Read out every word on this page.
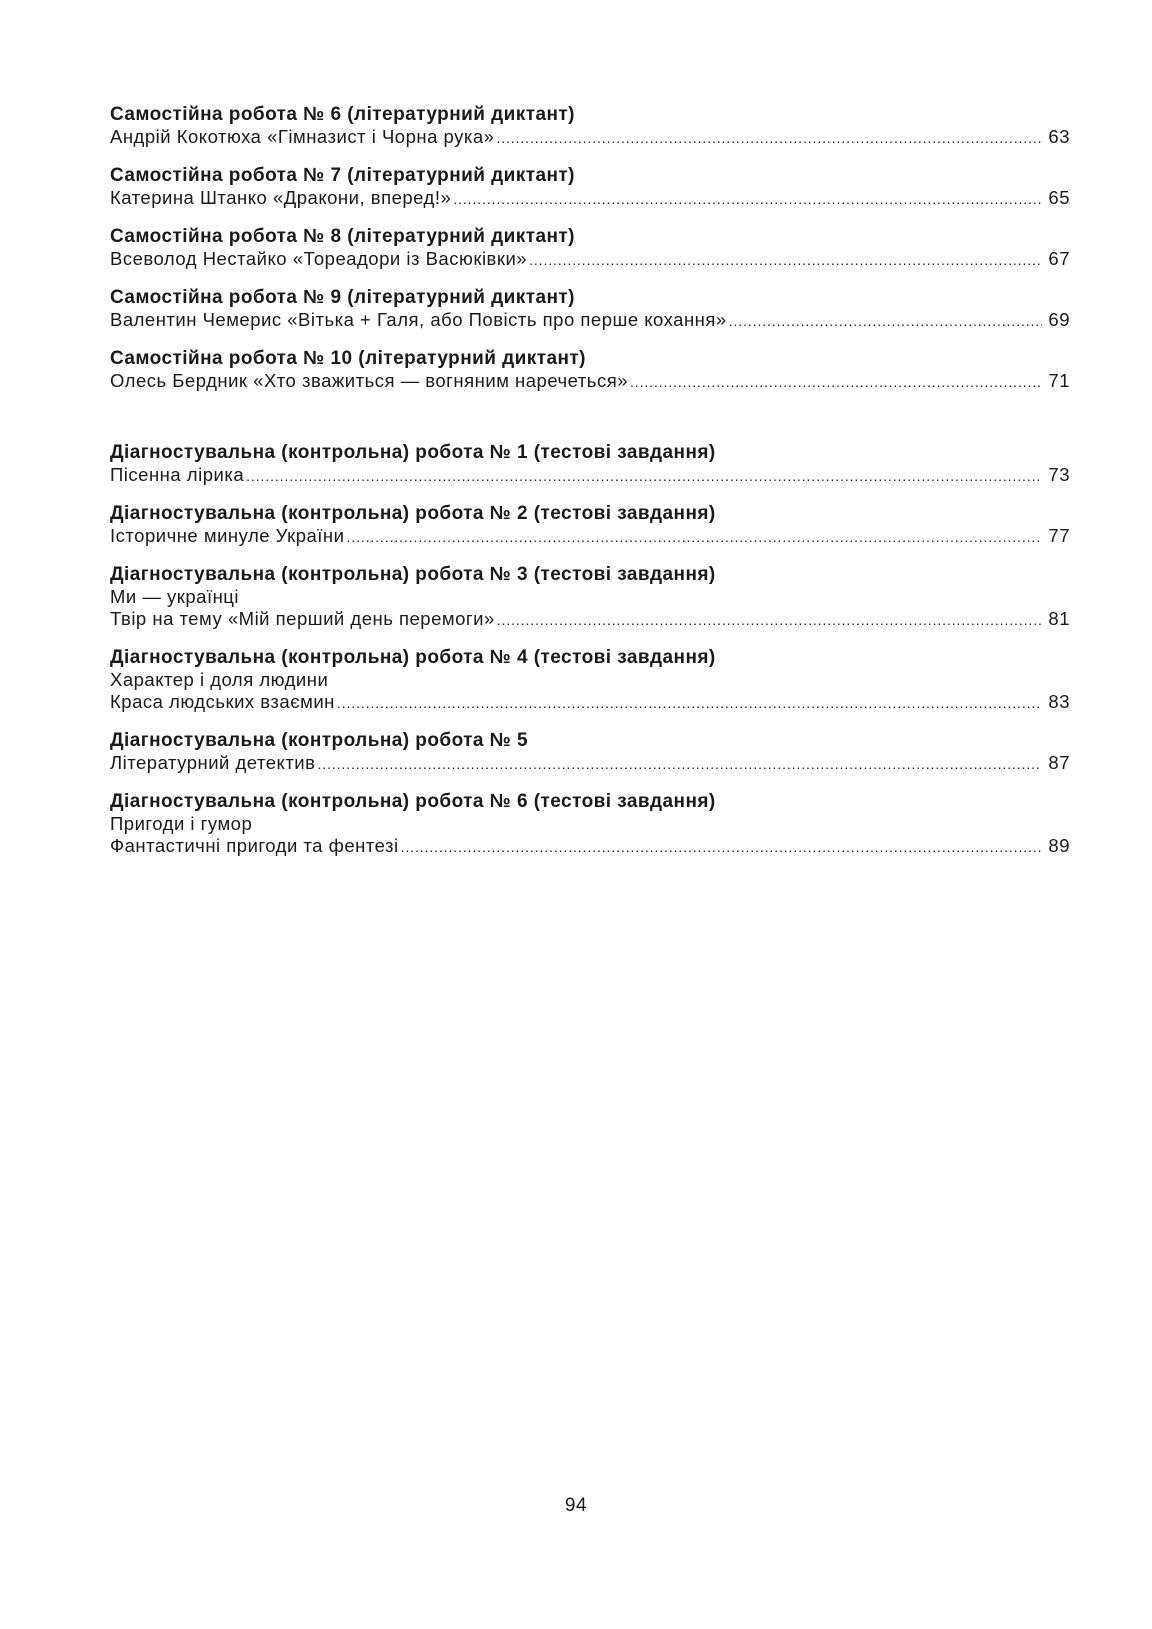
Самостійна робота № 6 (літературний диктант)
Андрій Кокотюха «Гімназист і Чорна рука» .....	63
Самостійна робота № 7 (літературний диктант)
Катерина Штанко «Дракони, вперед!» .....	65
Самостійна робота № 8 (літературний диктант)
Всеволод Нестайко «Тореадори із Васюківки» .....	67
Самостійна робота № 9 (літературний диктант)
Валентин Чемерис «Вітька + Галя, або Повість про перше кохання» .....	69
Самостійна робота № 10 (літературний диктант)
Олесь Бердник «Хто зважиться — вогняним наречеться» .....	71
Діагностувальна (контрольна) робота № 1 (тестові завдання)
Пісенна лірика .....	73
Діагностувальна (контрольна) робота № 2 (тестові завдання)
Історичне минуле України .....	77
Діагностувальна (контрольна) робота № 3 (тестові завдання)
Ми — українці
Твір на тему «Мій перший день перемоги» .....	81
Діагностувальна (контрольна) робота № 4 (тестові завдання)
Характер і доля людини
Краса людських взаємин .....	83
Діагностувальна (контрольна) робота № 5
Літературний детектив .....	87
Діагностувальна (контрольна) робота № 6 (тестові завдання)
Пригоди і гумор
Фантастичні пригоди та фентезі .....	89
94
